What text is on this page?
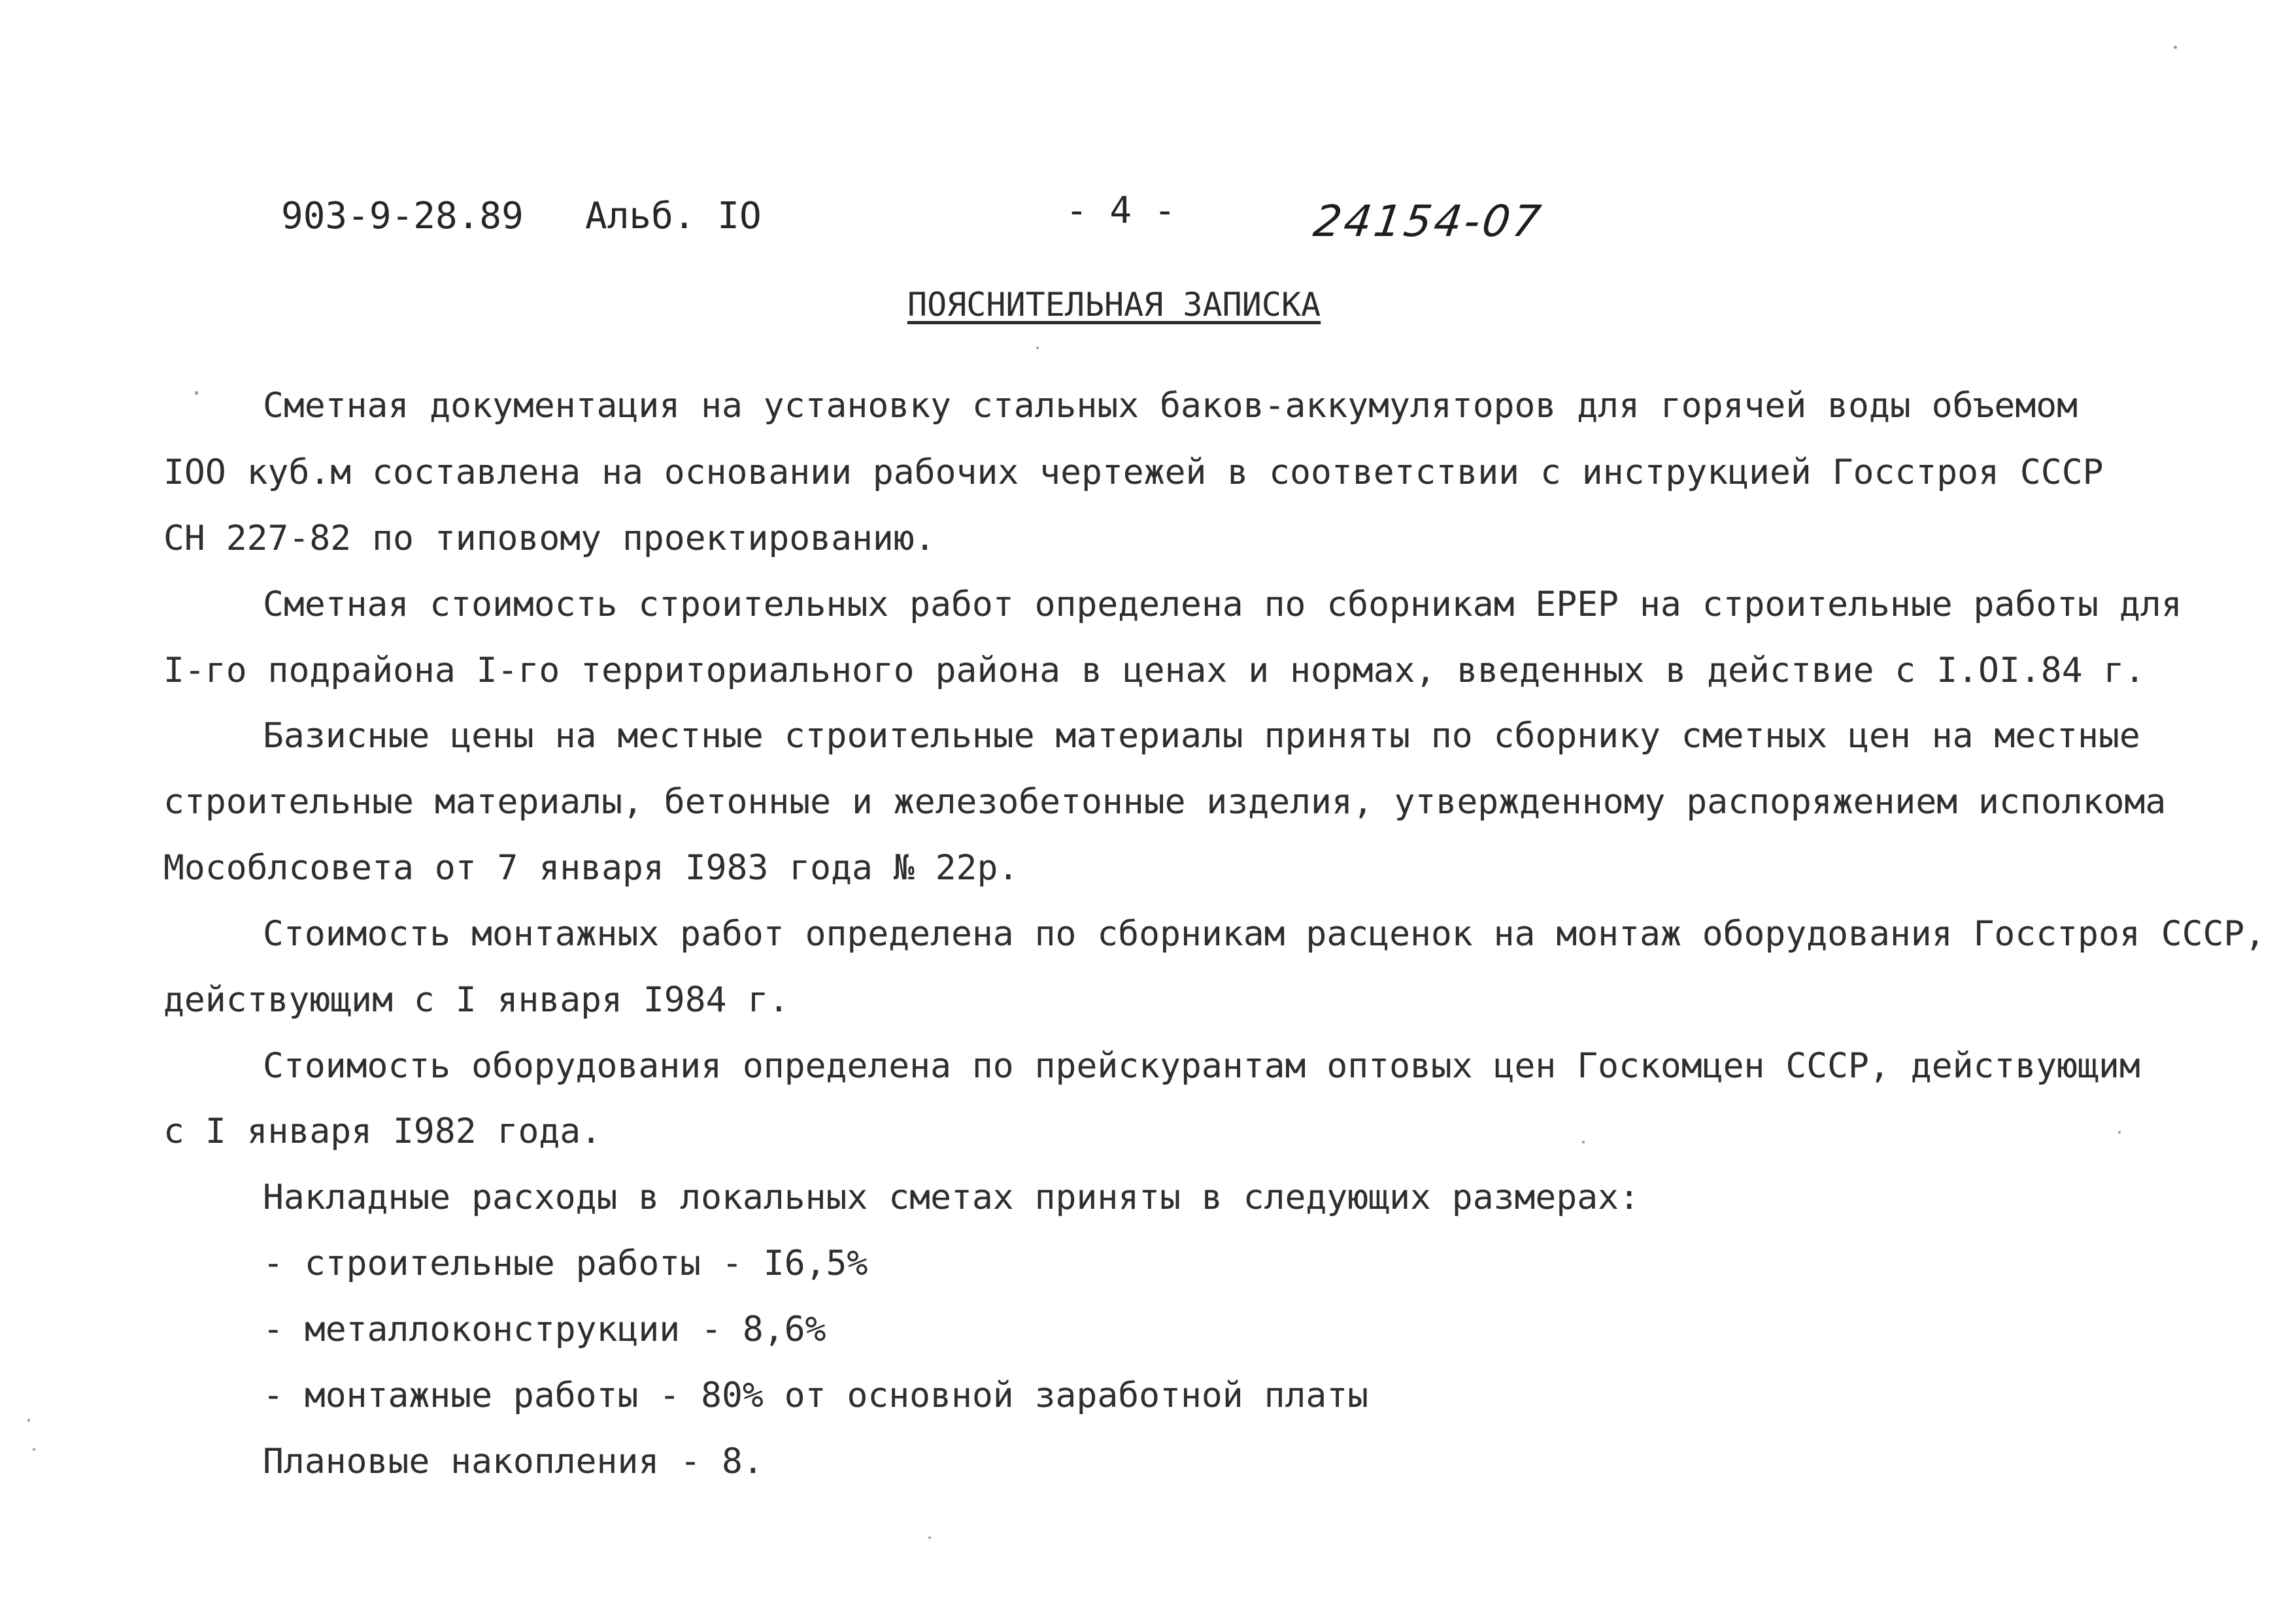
903-9-28.89 Альб. IO	- 4 -	24154-07
ПОЯСНИТЕЛЬНАЯ ЗАПИСКА
Сметная документация на установку стальных баков-аккумуляторов для горячей воды объемом
IOO куб.м составлена на основании рабочих чертежей в соответствии с инструкцией Госстроя СССР
СН 227-82 по типовому проектированию.
Сметная стоимость строительных работ определена по сборникам ЕРЕР на строительные работы для
I-го подрайона I-го территориального района в ценах и нормах, введенных в действие с I.OI.84 г.
Базисные цены на местные строительные материалы приняты по сборнику сметных цен на местные
строительные материалы, бетонные и железобетонные изделия, утвержденному распоряжением исполкома
Мособлсовета от 7 января I983 года № 22р.
Стоимость монтажных работ определена по сборникам расценок на монтаж оборудования Госстроя СССР,
действующим с I января I984 г.
Стоимость оборудования определена по прейскурантам оптовых цен Госкомцен СССР, действующим
с I января I982 года.
Накладные расходы в локальных сметах приняты в следующих размерах:
- строительные работы - I6,5%
- металлоконструкции - 8,6%
- монтажные работы - 80% от основной заработной платы
Плановые накопления - 8.
